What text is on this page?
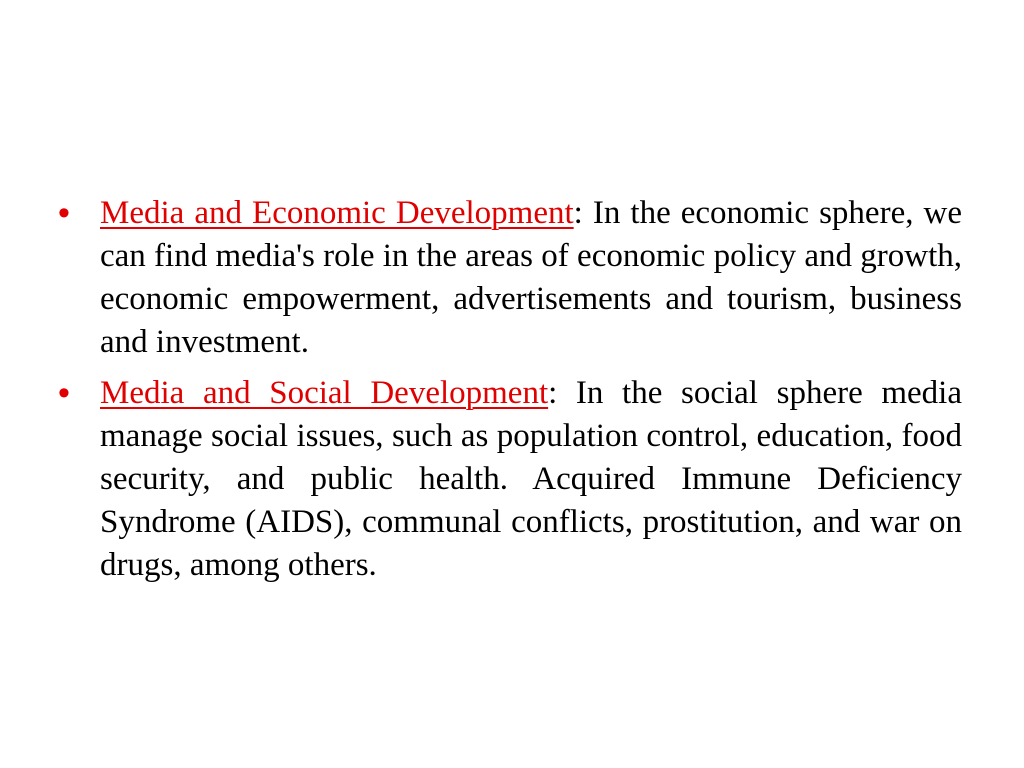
• Media and Economic Development: In the economic sphere, we can find media's role in the areas of economic policy and growth, economic empowerment, advertisements and tourism, business and investment.
• Media and Social Development: In the social sphere media manage social issues, such as population control, education, food security, and public health. Acquired Immune Deficiency Syndrome (AIDS), communal conflicts, prostitution, and war on drugs, among others.
